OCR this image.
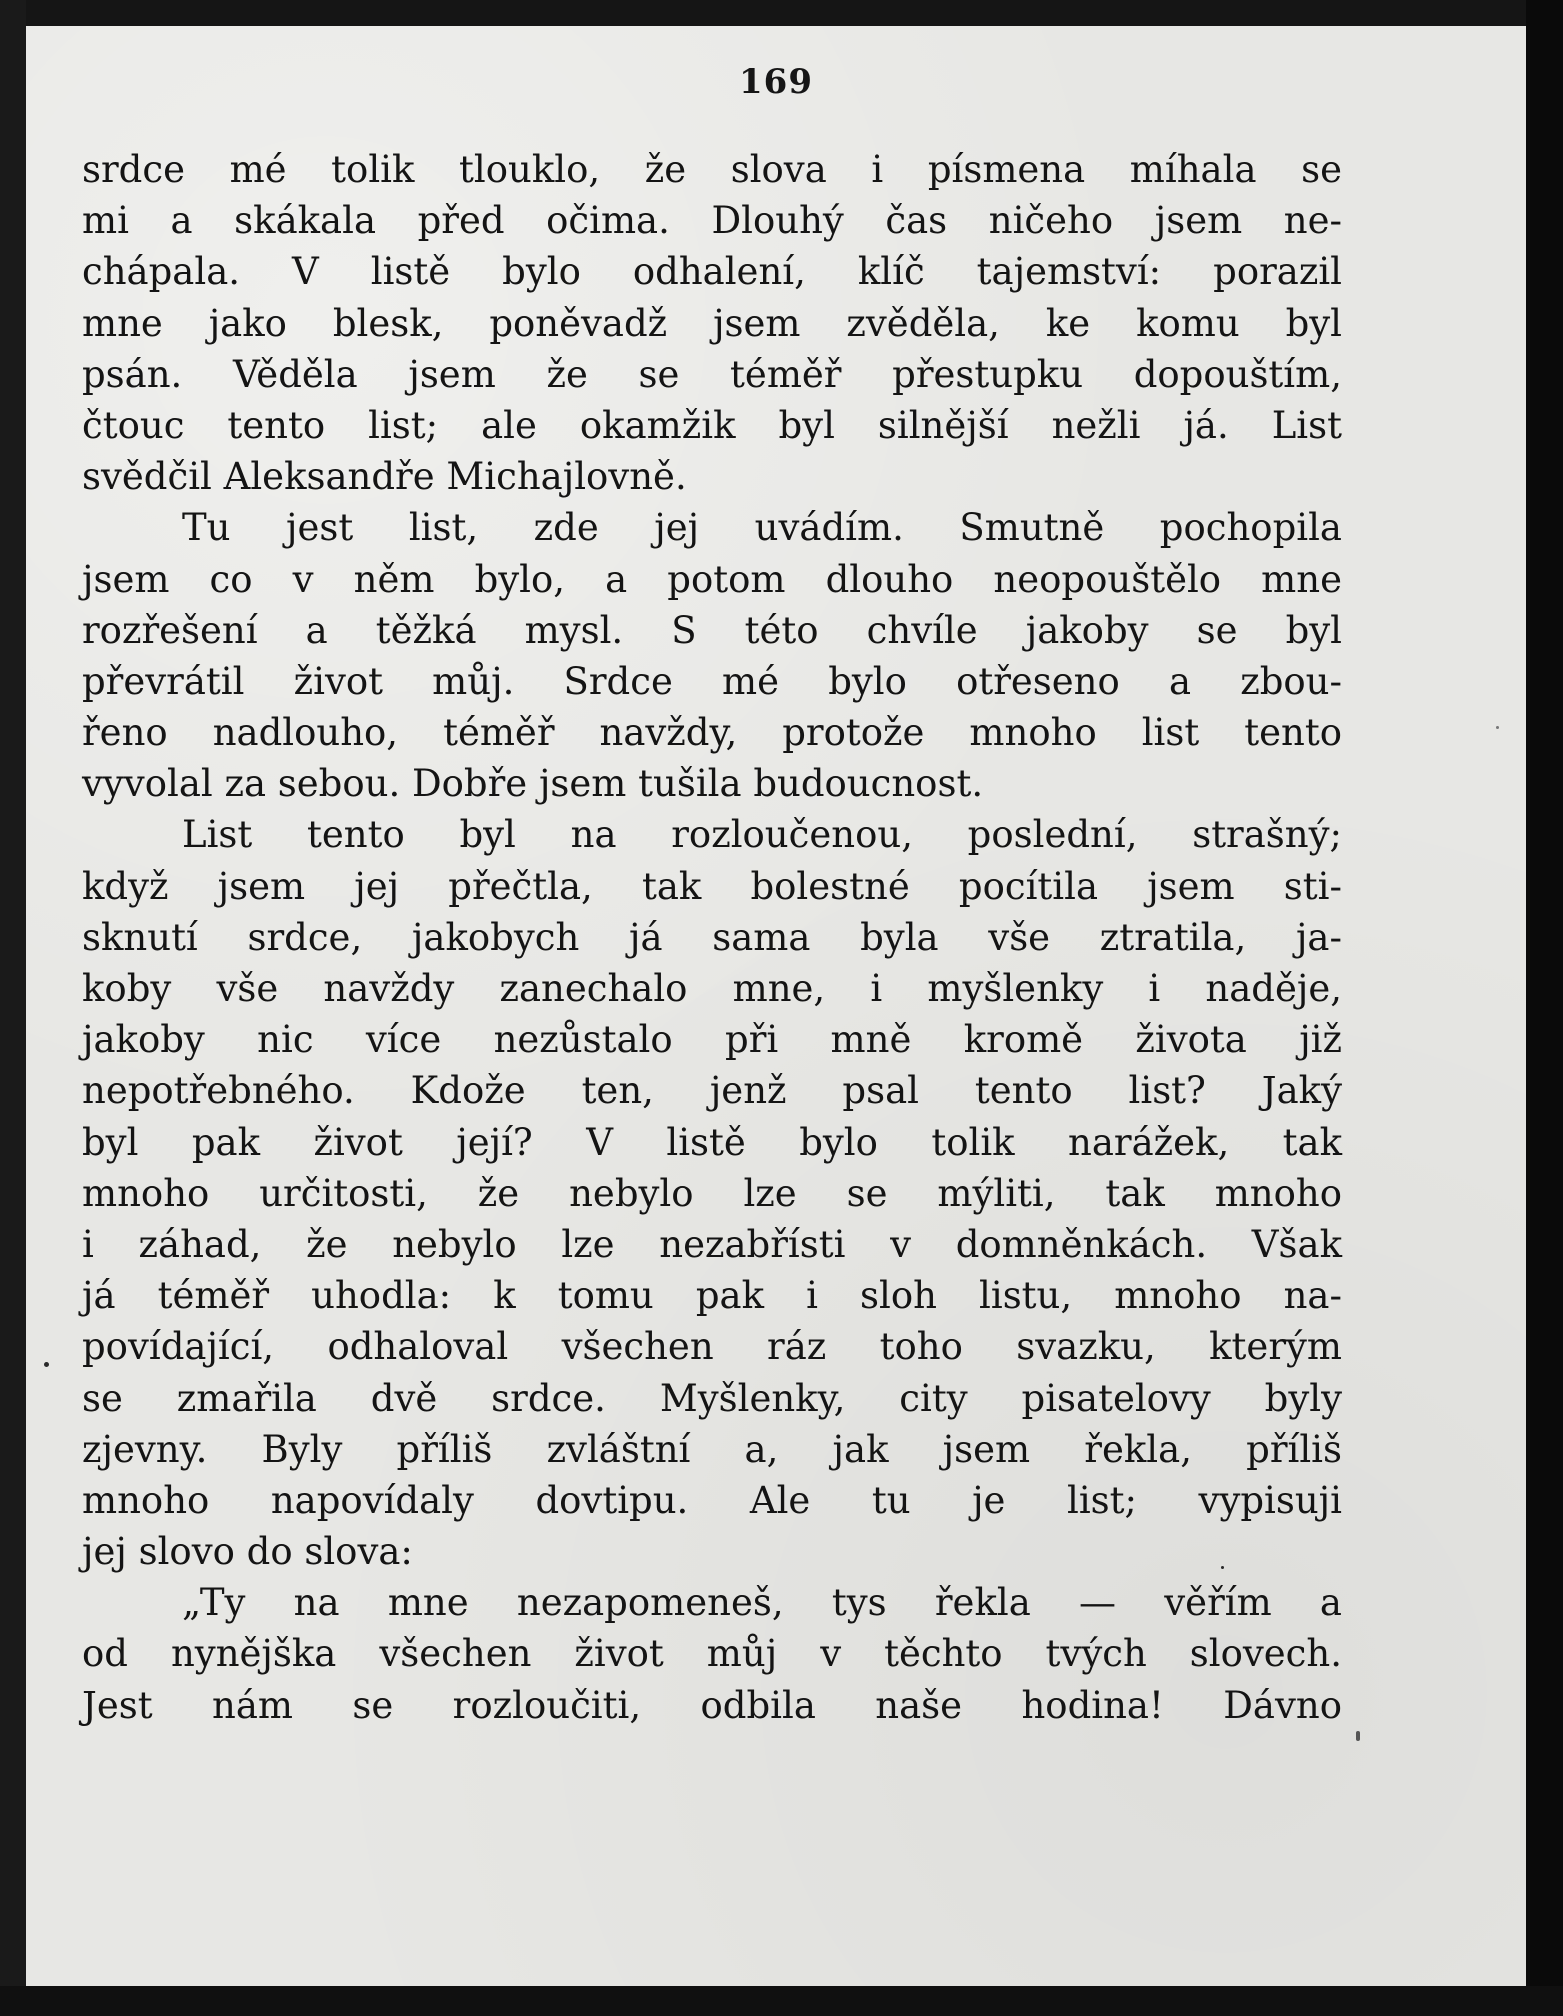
169
srdce mé tolik tlouklo, že slova i písmena míhala se
mi a skákala před očima. Dlouhý čas ničeho jsem ne-
chápala. V listě bylo odhalení, klíč tajemství: porazil
mne jako blesk, poněvadž jsem zvěděla, ke komu byl
psán. Věděla jsem že se téměř přestupku dopouštím,
čtouc tento list; ale okamžik byl silnější nežli já. List
svědčil Aleksandře Michajlovně.
Tu jest list, zde jej uvádím. Smutně pochopila
jsem co v něm bylo, a potom dlouho neopouštělo mne
rozřešení a těžká mysl. S této chvíle jakoby se byl
převrátil život můj. Srdce mé bylo otřeseno a zbou-
řeno nadlouho, téměř navždy, protože mnoho list tento
vyvolal za sebou. Dobře jsem tušila budoucnost.
List tento byl na rozloučenou, poslední, strašný;
když jsem jej přečtla, tak bolestné pocítila jsem sti-
sknutí srdce, jakobych já sama byla vše ztratila, ja-
koby vše navždy zanechalo mne, i myšlenky i naděje,
jakoby nic více nezůstalo při mně kromě života již
nepotřebného. Kdože ten, jenž psal tento list? Jaký
byl pak život její? V listě bylo tolik narážek, tak
mnoho určitosti, že nebylo lze se mýliti, tak mnoho
i záhad, že nebylo lze nezabřísti v domněnkách. Však
já téměř uhodla: k tomu pak i sloh listu, mnoho na-
povídající, odhaloval všechen ráz toho svazku, kterým
se zmařila dvě srdce. Myšlenky, city pisatelovy byly
zjevny. Byly příliš zvláštní a, jak jsem řekla, příliš
mnoho napovídaly dovtipu. Ale tu je list; vypisuji
jej slovo do slova:
„Ty na mne nezapomeneš, tys řekla — věřím a
od nynějška všechen život můj v těchto tvých slovech.
Jest nám se rozloučiti, odbila naše hodina! Dávno
